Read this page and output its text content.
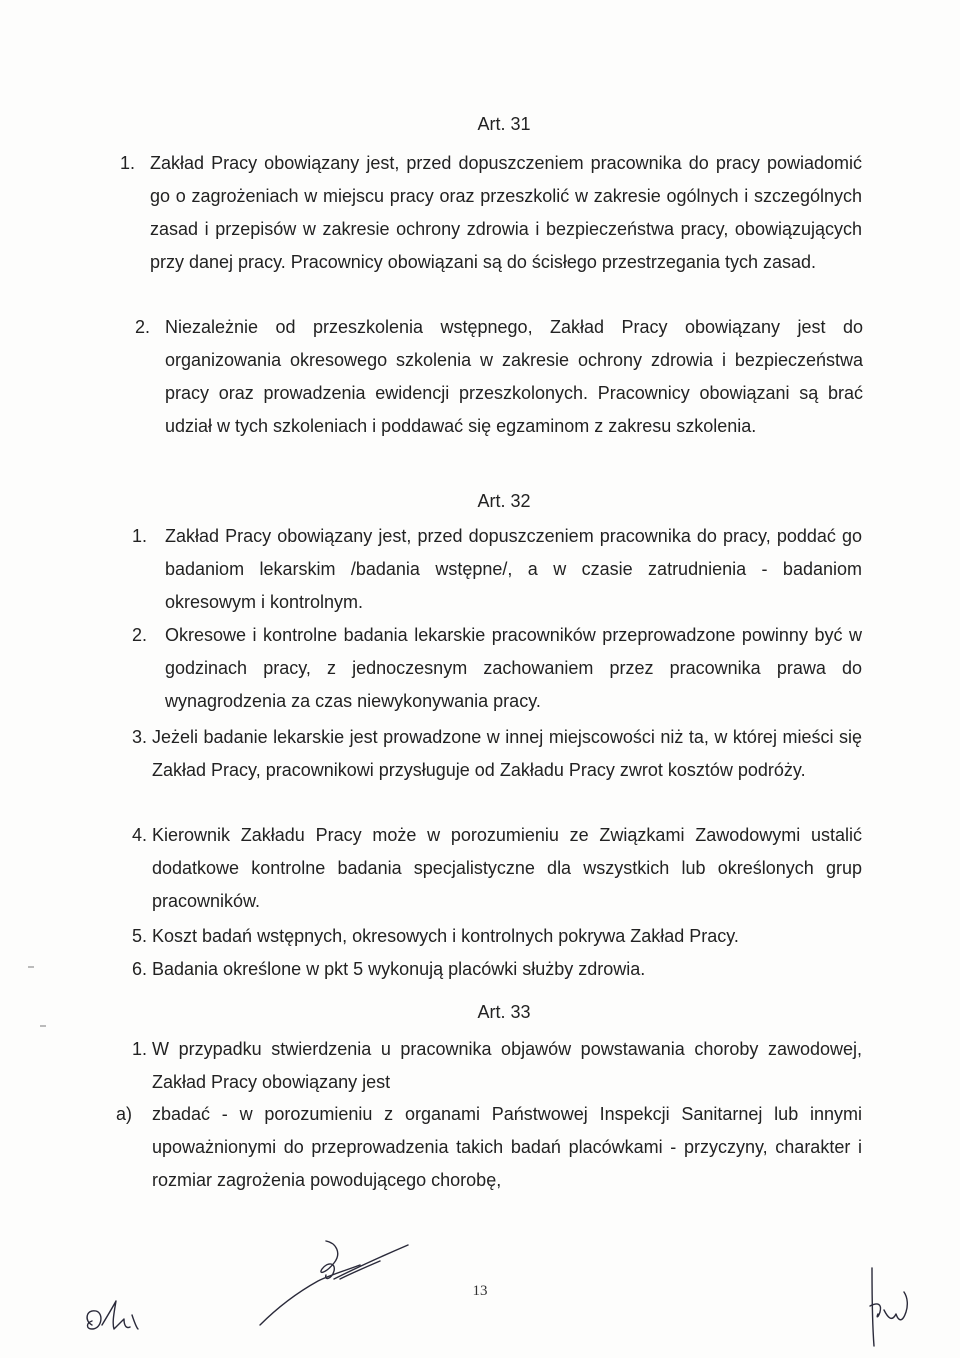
Art. 31
1. Zakład Pracy obowiązany jest, przed dopuszczeniem pracownika do pracy powiadomić go o zagrożeniach w miejscu pracy oraz przeszkolić w zakresie ogólnych i szczególnych zasad i przepisów w zakresie ochrony zdrowia i bezpieczeństwa pracy, obowiązujących przy danej pracy. Pracownicy obowiązani są do ścisłego przestrzegania tych zasad.
2. Niezależnie od przeszkolenia wstępnego, Zakład Pracy obowiązany jest do organizowania okresowego szkolenia w zakresie ochrony zdrowia i bezpieczeństwa pracy oraz prowadzenia ewidencji przeszkolonych. Pracownicy obowiązani są brać udział w tych szkoleniach i poddawać się egzaminom z zakresu szkolenia.
Art. 32
1. Zakład Pracy obowiązany jest, przed dopuszczeniem pracownika do pracy, poddać go badaniom lekarskim /badania wstępne/, a w czasie zatrudnienia - badaniom okresowym i kontrolnym.
2. Okresowe i kontrolne badania lekarskie pracowników przeprowadzone powinny być w godzinach pracy, z jednoczesnym zachowaniem przez pracownika prawa do wynagrodzenia za czas niewykonywania pracy.
3. Jeżeli badanie lekarskie jest prowadzone w innej miejscowości niż ta, w której mieści się Zakład Pracy, pracownikowi przysługuje od Zakładu Pracy zwrot kosztów podróży.
4. Kierownik Zakładu Pracy może w porozumieniu ze Związkami Zawodowymi ustalić dodatkowe kontrolne badania specjalistyczne dla wszystkich lub określonych grup pracowników.
5. Koszt badań wstępnych, okresowych i kontrolnych pokrywa Zakład Pracy.
6. Badania określone w pkt 5 wykonują placówki służby zdrowia.
Art. 33
1. W przypadku stwierdzenia u pracownika objawów powstawania choroby zawodowej, Zakład Pracy obowiązany jest
a) zbadać - w porozumieniu z organami Państwowej Inspekcji Sanitarnej lub innymi upoważnionymi do przeprowadzenia takich badań placówkami - przyczyny, charakter i rozmiar zagrożenia powodującego chorobę,
13
